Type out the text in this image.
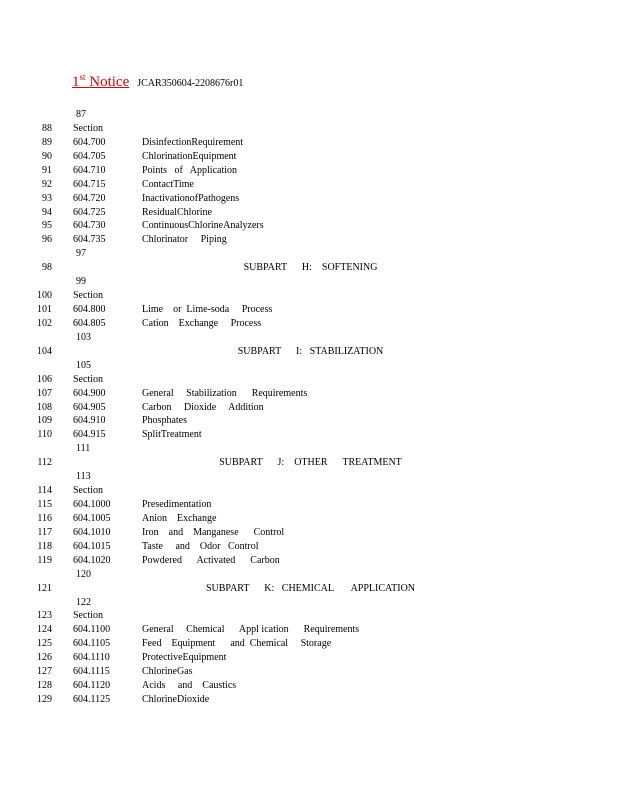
1st Notice JCAR350604-2208676r01
87
88 Section
89 604.700	DisinfectionRequirement
90 604.705	ChlorinationEquipment
91 604.710	Points   of   Application
92 604.715	ContactTime
93 604.720	InactivationofPathogens
94 604.725	ResidualChlorine
95 604.730	ContinuousChlorineAnalyzers
96 604.735	Chlorinator     Piping
97
98	SUBPART      H:    SOFTENING
99
100 Section
101 604.800	Lime    or  Lime-soda     Process
102 604.805	Cation    Exchange     Process
103
104	SUBPART      I:   STABILIZATION
105
106 Section
107 604.900	General     Stabilization      Requirements
108 604.905	Carbon     Dioxide     Addition
109 604.910	Phosphates
110 604.915	SplitTreatment
111
112	SUBPART      J:    OTHER      TREATMENT
113
114 Section
115 604.1000	Presedimentation
116 604.1005	Anion    Exchange
117 604.1010	Iron    and    Manganese      Control
118 604.1015	Taste     and    Odor   Control
119 604.1020	Powdered      Activated      Carbon
120
121	SUBPART      K:   CHEMICAL       APPLICATION
122
123 Section
124 604.1100	General     Chemical      Appl ication      Requirements
125 604.1105	Feed    Equipment      and  Chemical     Storage
126 604.1110	ProtectiveEquipment
127 604.1115	ChlorineGas
128 604.1120	Acids     and    Caustics
129 604.1125	ChlorineDioxide
